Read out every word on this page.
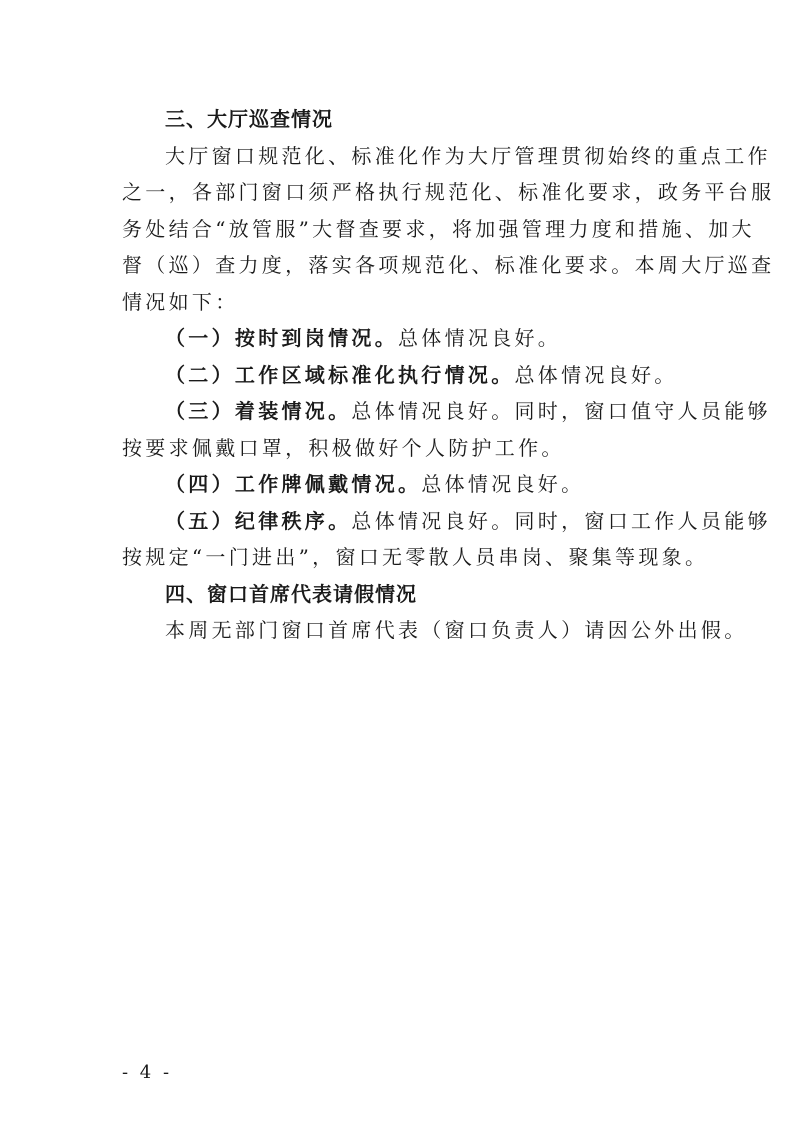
三、大厅巡查情况
大厅窗口规范化、标准化作为大厅管理贯彻始终的重点工作
之一，各部门窗口须严格执行规范化、标准化要求，政务平台服
务处结合“放管服”大督查要求，将加强管理力度和措施、加大
督（巡）查力度，落实各项规范化、标准化要求。本周大厅巡查
情况如下：
（一）按时到岗情况。总体情况良好。
（二）工作区域标准化执行情况。总体情况良好。
（三）着装情况。总体情况良好。同时，窗口值守人员能够
按要求佩戴口罩，积极做好个人防护工作。
（四）工作牌佩戴情况。总体情况良好。
（五）纪律秩序。总体情况良好。同时，窗口工作人员能够
按规定“一门进出”，窗口无零散人员串岗、聚集等现象。
四、窗口首席代表请假情况
本周无部门窗口首席代表（窗口负责人）请因公外出假。
- 4 -
